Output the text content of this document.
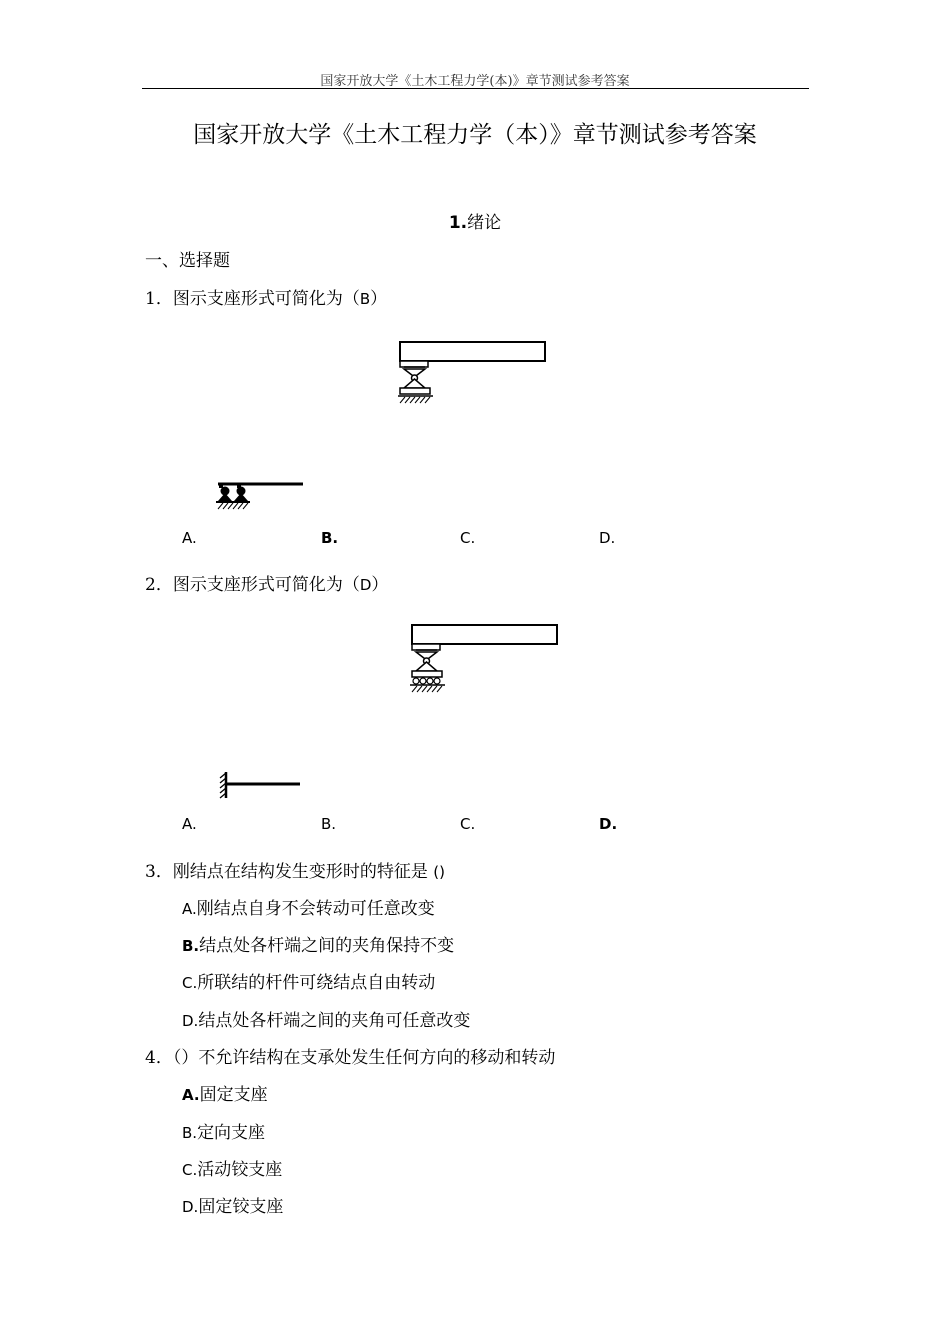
国家开放大学《土木工程力学(本)》章节测试参考答案
国家开放大学《土木工程力学（本）》章节测试参考答案
1.绪论
一、选择题
1．图示支座形式可简化为（B）
A.	B.	C.	D.
2．图示支座形式可简化为（D）
A.	B.	C.	D.
3．刚结点在结构发生变形时的特征是 ()
A.刚结点自身不会转动可任意改变
B.结点处各杆端之间的夹角保持不变
C.所联结的杆件可绕结点自由转动
D.结点处各杆端之间的夹角可任意改变
4．（）不允许结构在支承处发生任何方向的移动和转动
A.固定支座
B.定向支座
C.活动铰支座
D.固定铰支座
